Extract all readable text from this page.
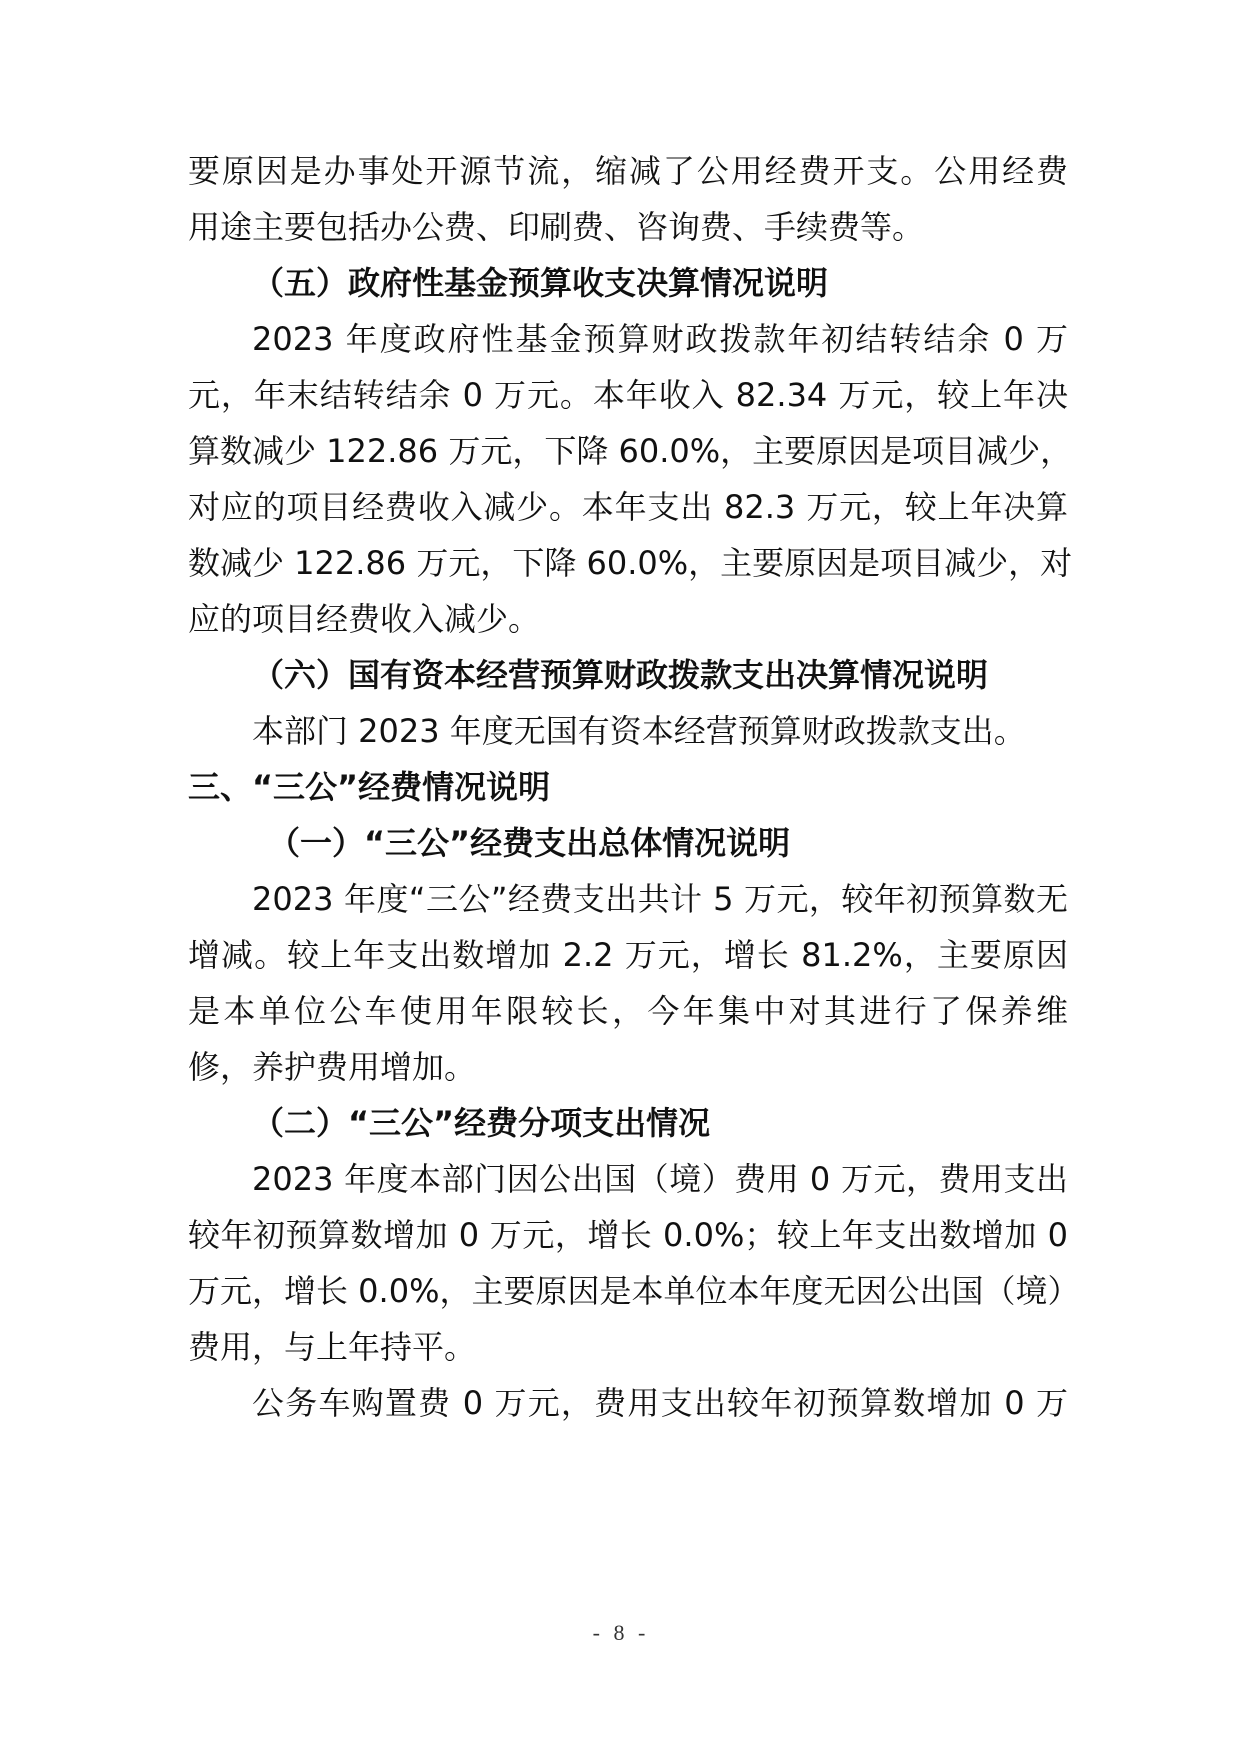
要原因是办事处开源节流，缩减了公用经费开支。公用经费
用途主要包括办公费、印刷费、咨询费、手续费等。
（五）政府性基金预算收支决算情况说明
2023 年度政府性基金预算财政拨款年初结转结余 0 万
元，年末结转结余 0 万元。本年收入 82.34 万元，较上年决
算数减少 122.86 万元，下降 60.0%，主要原因是项目减少，
对应的项目经费收入减少。本年支出 82.3 万元，较上年决算
数减少 122.86 万元，下降 60.0%，主要原因是项目减少，对
应的项目经费收入减少。
（六）国有资本经营预算财政拨款支出决算情况说明
本部门 2023 年度无国有资本经营预算财政拨款支出。
三、“三公”经费情况说明
（一）“三公”经费支出总体情况说明
2023 年度“三公”经费支出共计 5 万元，较年初预算数无
增减。较上年支出数增加 2.2 万元，增长 81.2%，主要原因
是本单位公车使用年限较长，今年集中对其进行了保养维
修，养护费用增加。
（二）“三公”经费分项支出情况
2023 年度本部门因公出国（境）费用 0 万元，费用支出
较年初预算数增加 0 万元，增长 0.0%；较上年支出数增加 0
万元，增长 0.0%，主要原因是本单位本年度无因公出国（境）
费用，与上年持平。
公务车购置费 0 万元，费用支出较年初预算数增加 0 万
- 8 -
